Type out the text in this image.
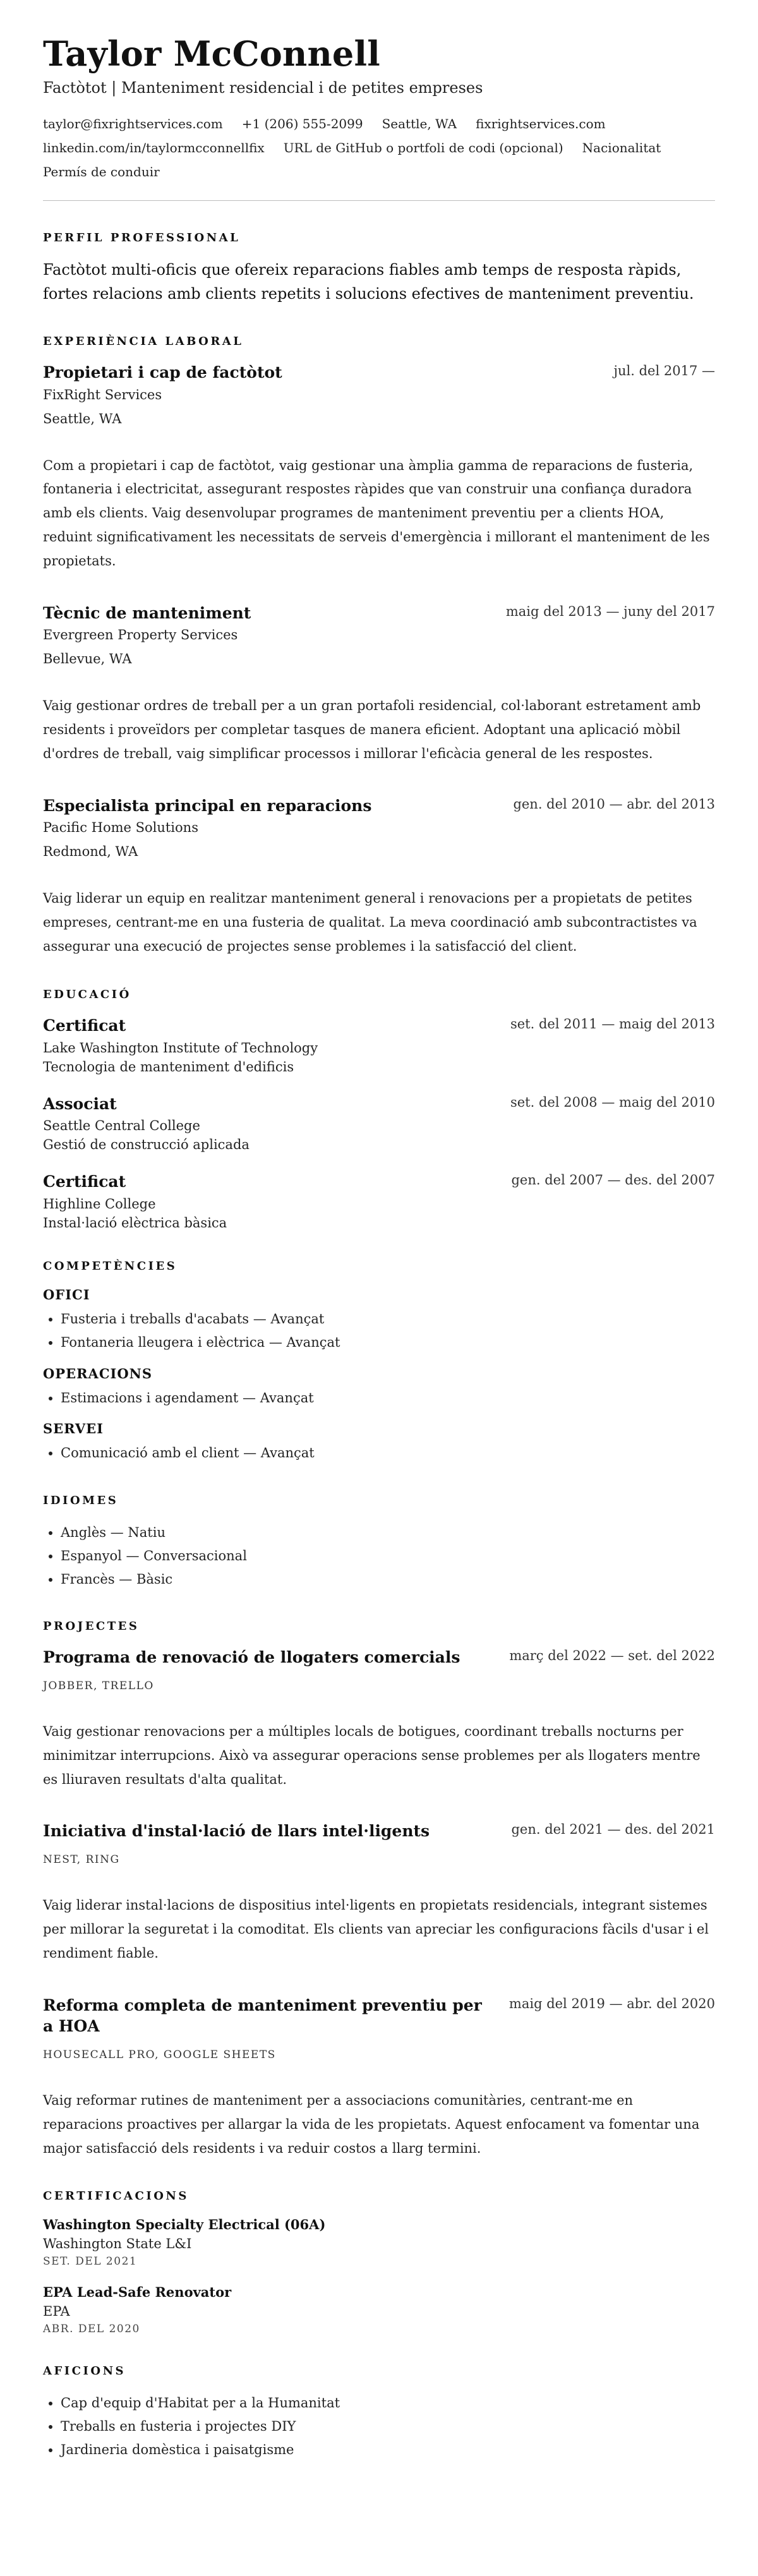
Taylor McConnell
Factòtot | Manteniment residencial i de petites empreses
taylor@fixrightservices.com +1 (206) 555-2099 Seattle, WA fixrightservices.com
linkedin.com/in/taylormcconnellfix URL de GitHub o portfoli de codi (opcional) Nacionalitat
Permís de conduir
PERFIL PROFESSIONAL
Factòtot multi-oficis que ofereix reparacions fiables amb temps de resposta ràpids, fortes relacions amb clients repetits i solucions efectives de manteniment preventiu.
EXPERIÈNCIA LABORAL
Propietari i cap de factòtot	jul. del 2017 —
FixRight Services
Seattle, WA
Com a propietari i cap de factòtot, vaig gestionar una àmplia gamma de reparacions de fusteria, fontaneria i electricitat, assegurant respostes ràpides que van construir una confiança duradora amb els clients. Vaig desenvolupar programes de manteniment preventiu per a clients HOA, reduint significativament les necessitats de serveis d'emergència i millorant el manteniment de les propietats.
Tècnic de manteniment	maig del 2013 — juny del 2017
Evergreen Property Services
Bellevue, WA
Vaig gestionar ordres de treball per a un gran portafoli residencial, col·laborant estretament amb residents i proveïdors per completar tasques de manera eficient. Adoptant una aplicació mòbil d'ordres de treball, vaig simplificar processos i millorar l'eficàcia general de les respostes.
Especialista principal en reparacions	gen. del 2010 — abr. del 2013
Pacific Home Solutions
Redmond, WA
Vaig liderar un equip en realitzar manteniment general i renovacions per a propietats de petites empreses, centrant-me en una fusteria de qualitat. La meva coordinació amb subcontractistes va assegurar una execució de projectes sense problemes i la satisfacció del client.
EDUCACIÓ
Certificat	set. del 2011 — maig del 2013
Lake Washington Institute of Technology
Tecnologia de manteniment d'edificis
Associat	set. del 2008 — maig del 2010
Seattle Central College
Gestió de construcció aplicada
Certificat	gen. del 2007 — des. del 2007
Highline College
Instal·lació elèctrica bàsica
COMPETÈNCIES
OFICI
• Fusteria i treballs d'acabats — Avançat
• Fontaneria lleugera i elèctrica — Avançat
OPERACIONS
• Estimacions i agendament — Avançat
SERVEI
• Comunicació amb el client — Avançat
IDIOMES
• Anglès — Natiu
• Espanyol — Conversacional
• Francès — Bàsic
PROJECTES
Programa de renovació de llogaters comercials	març del 2022 — set. del 2022
JOBBER, TRELLO
Vaig gestionar renovacions per a múltiples locals de botigues, coordinant treballs nocturns per minimitzar interrupcions. Això va assegurar operacions sense problemes per als llogaters mentre es lliuraven resultats d'alta qualitat.
Iniciativa d'instal·lació de llars intel·ligents	gen. del 2021 — des. del 2021
NEST, RING
Vaig liderar instal·lacions de dispositius intel·ligents en propietats residencials, integrant sistemes per millorar la seguretat i la comoditat. Els clients van apreciar les configuracions fàcils d'usar i el rendiment fiable.
Reforma completa de manteniment preventiu per a HOA
maig del 2019 — abr. del 2020
HOUSECALL PRO, GOOGLE SHEETS
Vaig reformar rutines de manteniment per a associacions comunitàries, centrant-me en reparacions proactives per allargar la vida de les propietats. Aquest enfocament va fomentar una major satisfacció dels residents i va reduir costos a llarg termini.
CERTIFICACIONS
Washington Specialty Electrical (06A)
Washington State L&I
SET. DEL 2021
EPA Lead-Safe Renovator
EPA
ABR. DEL 2020
AFICIONS
• Cap d'equip d'Habitat per a la Humanitat
• Treballs en fusteria i projectes DIY
• Jardineria domèstica i paisatgisme
